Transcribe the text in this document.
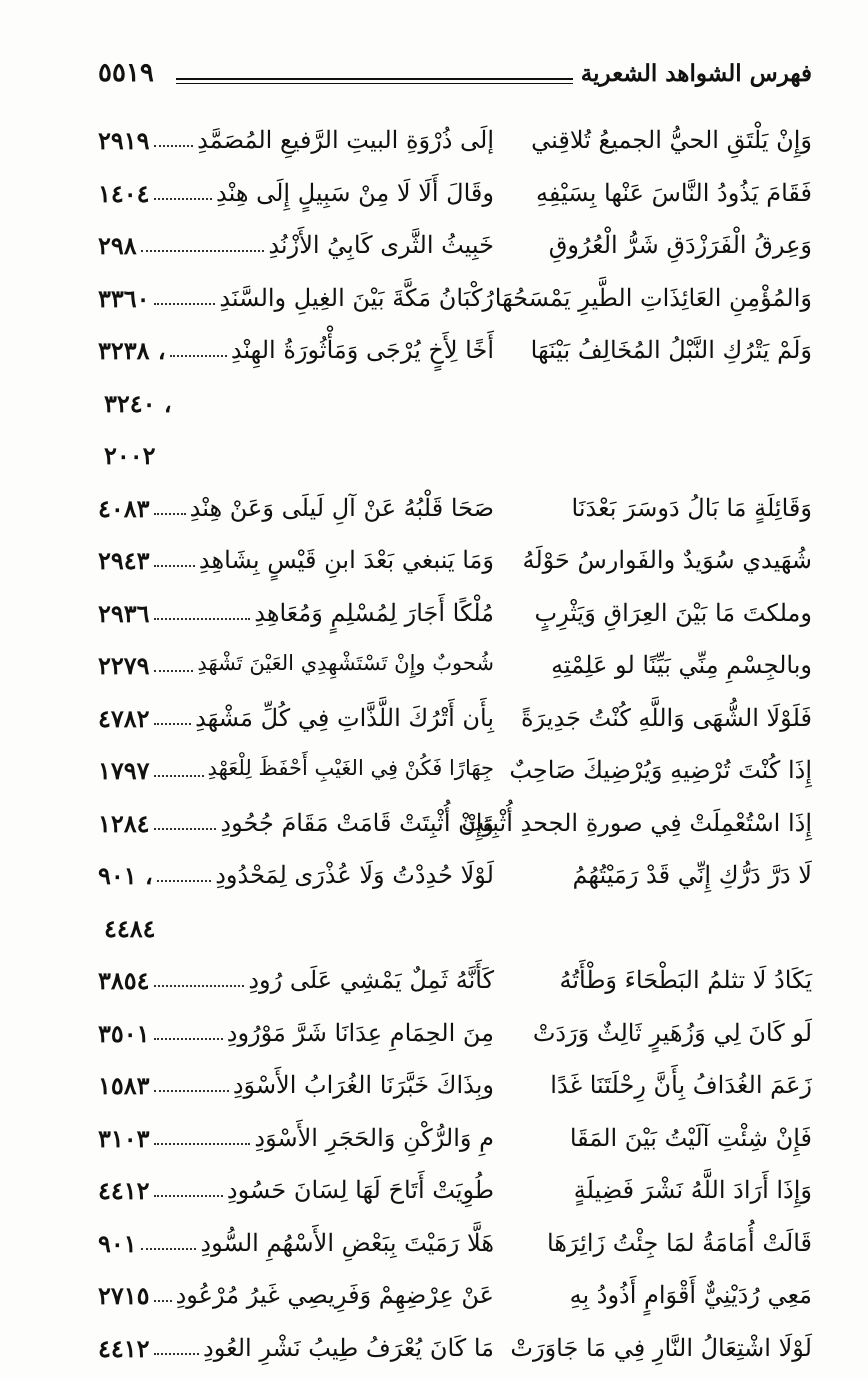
٥٥١٩	فهرس الشواهد الشعرية
وَإِنْ يَلْتَقِ الحيُّ الجميعُ تُلاقِني
إلَى ذُرْوَةِ البيتِ الرَّفيعِ المُصَمَّدِ
٢٩١٩
فَقَامَ يَذُودُ النَّاسَ عَنْها بِسَيْفِهِ
وقَالَ أَلَا لَا مِنْ سَبِيلٍ إِلَى هِنْدِ
١٤٠٤
وَعِرقُ الْفَرَزْدَقِ شَرُّ الْعُرُوقِ
خَبِيثُ الثَّرى كَابِيُ الأَزْنُدِ
٢٩٨
وَالمُؤْمِنِ العَائِذَاتِ الطَّيرِ يَمْسَحُهَا
رُكْبَانُ مَكَّةَ بَيْنَ الغِيلِ والسَّنَدِ
٣٣٦٠
وَلَمْ يَتْرُكِ النَّبْلُ المُخَالِفُ بَيْنَهَا
أَخًا لِأَخٍ يُرْجَى وَمَأْثُورَةُ الهِنْدِ
٣٢٣٨ ،
٣٢٤٠ ،
٢٠٠٢
وَقَائِلَةٍ مَا بَالُ دَوسَرَ بَعْدَنَا
صَحَا قَلْبُهُ عَنْ آلِ لَيلَى وَعَنْ هِنْدِ
٤٠٨٣
شُهَيدي سُوَيدٌ والفَوارسُ حَوْلَهُ
وَمَا يَنبغي بَعْدَ ابنِ قَيْسٍ بِشَاهِدِ
٢٩٤٣
وملكتَ مَا بَيْنَ العِرَاقِ وَيَثْرِبٍ
مُلْكًا أَجَارَ لِمُسْلِمٍ وَمُعَاهِدِ
٢٩٣٦
وبالجِسْمِ مِنِّي بَيِّنًا لو عَلِمْتِهِ
شُحوبٌ وإِنْ تَسْتَشْهِدِي العَيْنَ تَشْهَدِ
٢٢٧٩
فَلَوْلَا الشُّهَى وَاللَّهِ كُنْتُ جَدِيرَةً
بِأَن أَتْرُكَ اللَّذَّاتِ فِي كُلِّ مَشْهَدِ
٤٧٨٢
إِذَا كُنْتَ تُرْضِيهِ وَيُرْضِيكَ صَاحِبٌ
جِهَارًا فَكُنْ فِي الغَيْبِ أَحْفَظَ لِلْعَهْدِ
١٧٩٧
إِذَا اسْتُعْمِلَتْ فِي صورةِ الجحدِ أُثْبِتَتْ
وَإِنْ أُثْبِتَتْ قَامَتْ مَقَامَ جُحُودِ
١٢٨٤
لَا دَرَّ دَرُّكِ إِنِّي قَدْ رَمَيْتُهُمُ
لَوْلَا حُدِدْتُ وَلَا عُذْرَى لِمَحْدُودِ
٩٠١ ،
٤٤٨٤
يَكَادُ لَا تثلمُ البَطْحَاءَ وَطْأَتُهُ
كَأَنَّهُ ثَمِلٌ يَمْشِي عَلَى رُودِ
٣٨٥٤
لَو كَانَ لِي وَزُهَيرٍ ثَالِثٌ وَرَدَتْ
مِنَ الحِمَامِ عِدَانَا شَرَّ مَوْرُودِ
٣٥٠١
زَعَمَ الغُدَافُ بِأَنَّ رِحْلَتَنَا غَدًا
وبِذَاكَ خَبَّرَنَا الغُرَابُ الأَسْوَدِ
١٥٨٣
فَإِنْ شِئْتِ آلَيْتُ بَيْنَ المَقَا
مِ وَالرُّكْنِ وَالحَجَرِ الأَسْوَدِ
٣١٠٣
وَإِذَا أَرَادَ اللَّهُ نَشْرَ فَضِيلَةٍ
طُوِيَتْ أَتَاحَ لَهَا لِسَانَ حَسُودِ
٤٤١٢
قَالَتْ أُمَامَةُ لمَا جِئْتُ زَائِرَهَا
هَلَّا رَمَيْتَ بِبَعْضِ الأَسْهُمِ السُّودِ
٩٠١
مَعِي رُدَيْنِيٌّ أَقْوَامٍ أَذُودُ بِهِ
عَنْ عِرْضِهِمْ وَفَرِيصِي غَيرُ مُرْعُودِ
٢٧١٥
لَوْلَا اشْتِعَالُ النَّارِ فِي مَا جَاوَرَتْ
مَا كَانَ يُعْرَفُ طِيبُ نَشْرِ العُودِ
٤٤١٢
